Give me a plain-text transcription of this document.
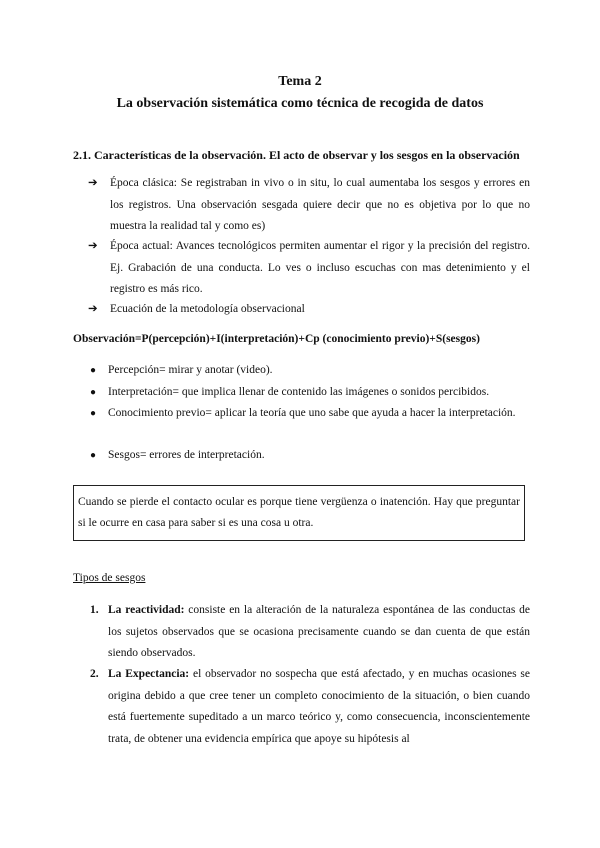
Tema 2
La observación sistemática como técnica de recogida de datos
2.1. Características de la observación. El acto de observar y los sesgos en la observación
➔	Época clásica: Se registraban in vivo o in situ, lo cual aumentaba los sesgos y errores en los registros. Una observación sesgada quiere decir que no es objetiva por lo que no muestra la realidad tal y como es)
➔	Época actual: Avances tecnológicos permiten aumentar el rigor y la precisión del registro. Ej. Grabación de una conducta. Lo ves o incluso escuchas con mas detenimiento y el registro es más rico.
➔	Ecuación de la metodología observacional
Observación=P(percepción)+I(interpretación)+Cp (conocimiento previo)+S(sesgos)
●	Percepción= mirar y anotar (video).
●	Interpretación= que implica llenar de contenido las imágenes o sonidos percibidos.
●	Conocimiento previo= aplicar la teoría que uno sabe que ayuda a hacer la interpretación.
●	Sesgos= errores de interpretación.
Cuando se pierde el contacto ocular es porque tiene vergüenza o inatención. Hay que preguntar si le ocurre en casa para saber si es una cosa u otra.
Tipos de sesgos
1. La reactividad: consiste en la alteración de la naturaleza espontánea de las conductas de los sujetos observados que se ocasiona precisamente cuando se dan cuenta de que están siendo observados.
2. La Expectancia: el observador no sospecha que está afectado, y en muchas ocasiones se origina debido a que cree tener un completo conocimiento de la situación, o bien cuando está fuertemente supeditado a un marco teórico y, como consecuencia, inconscientemente trata, de obtener una evidencia empírica que apoye su hipótesis al
